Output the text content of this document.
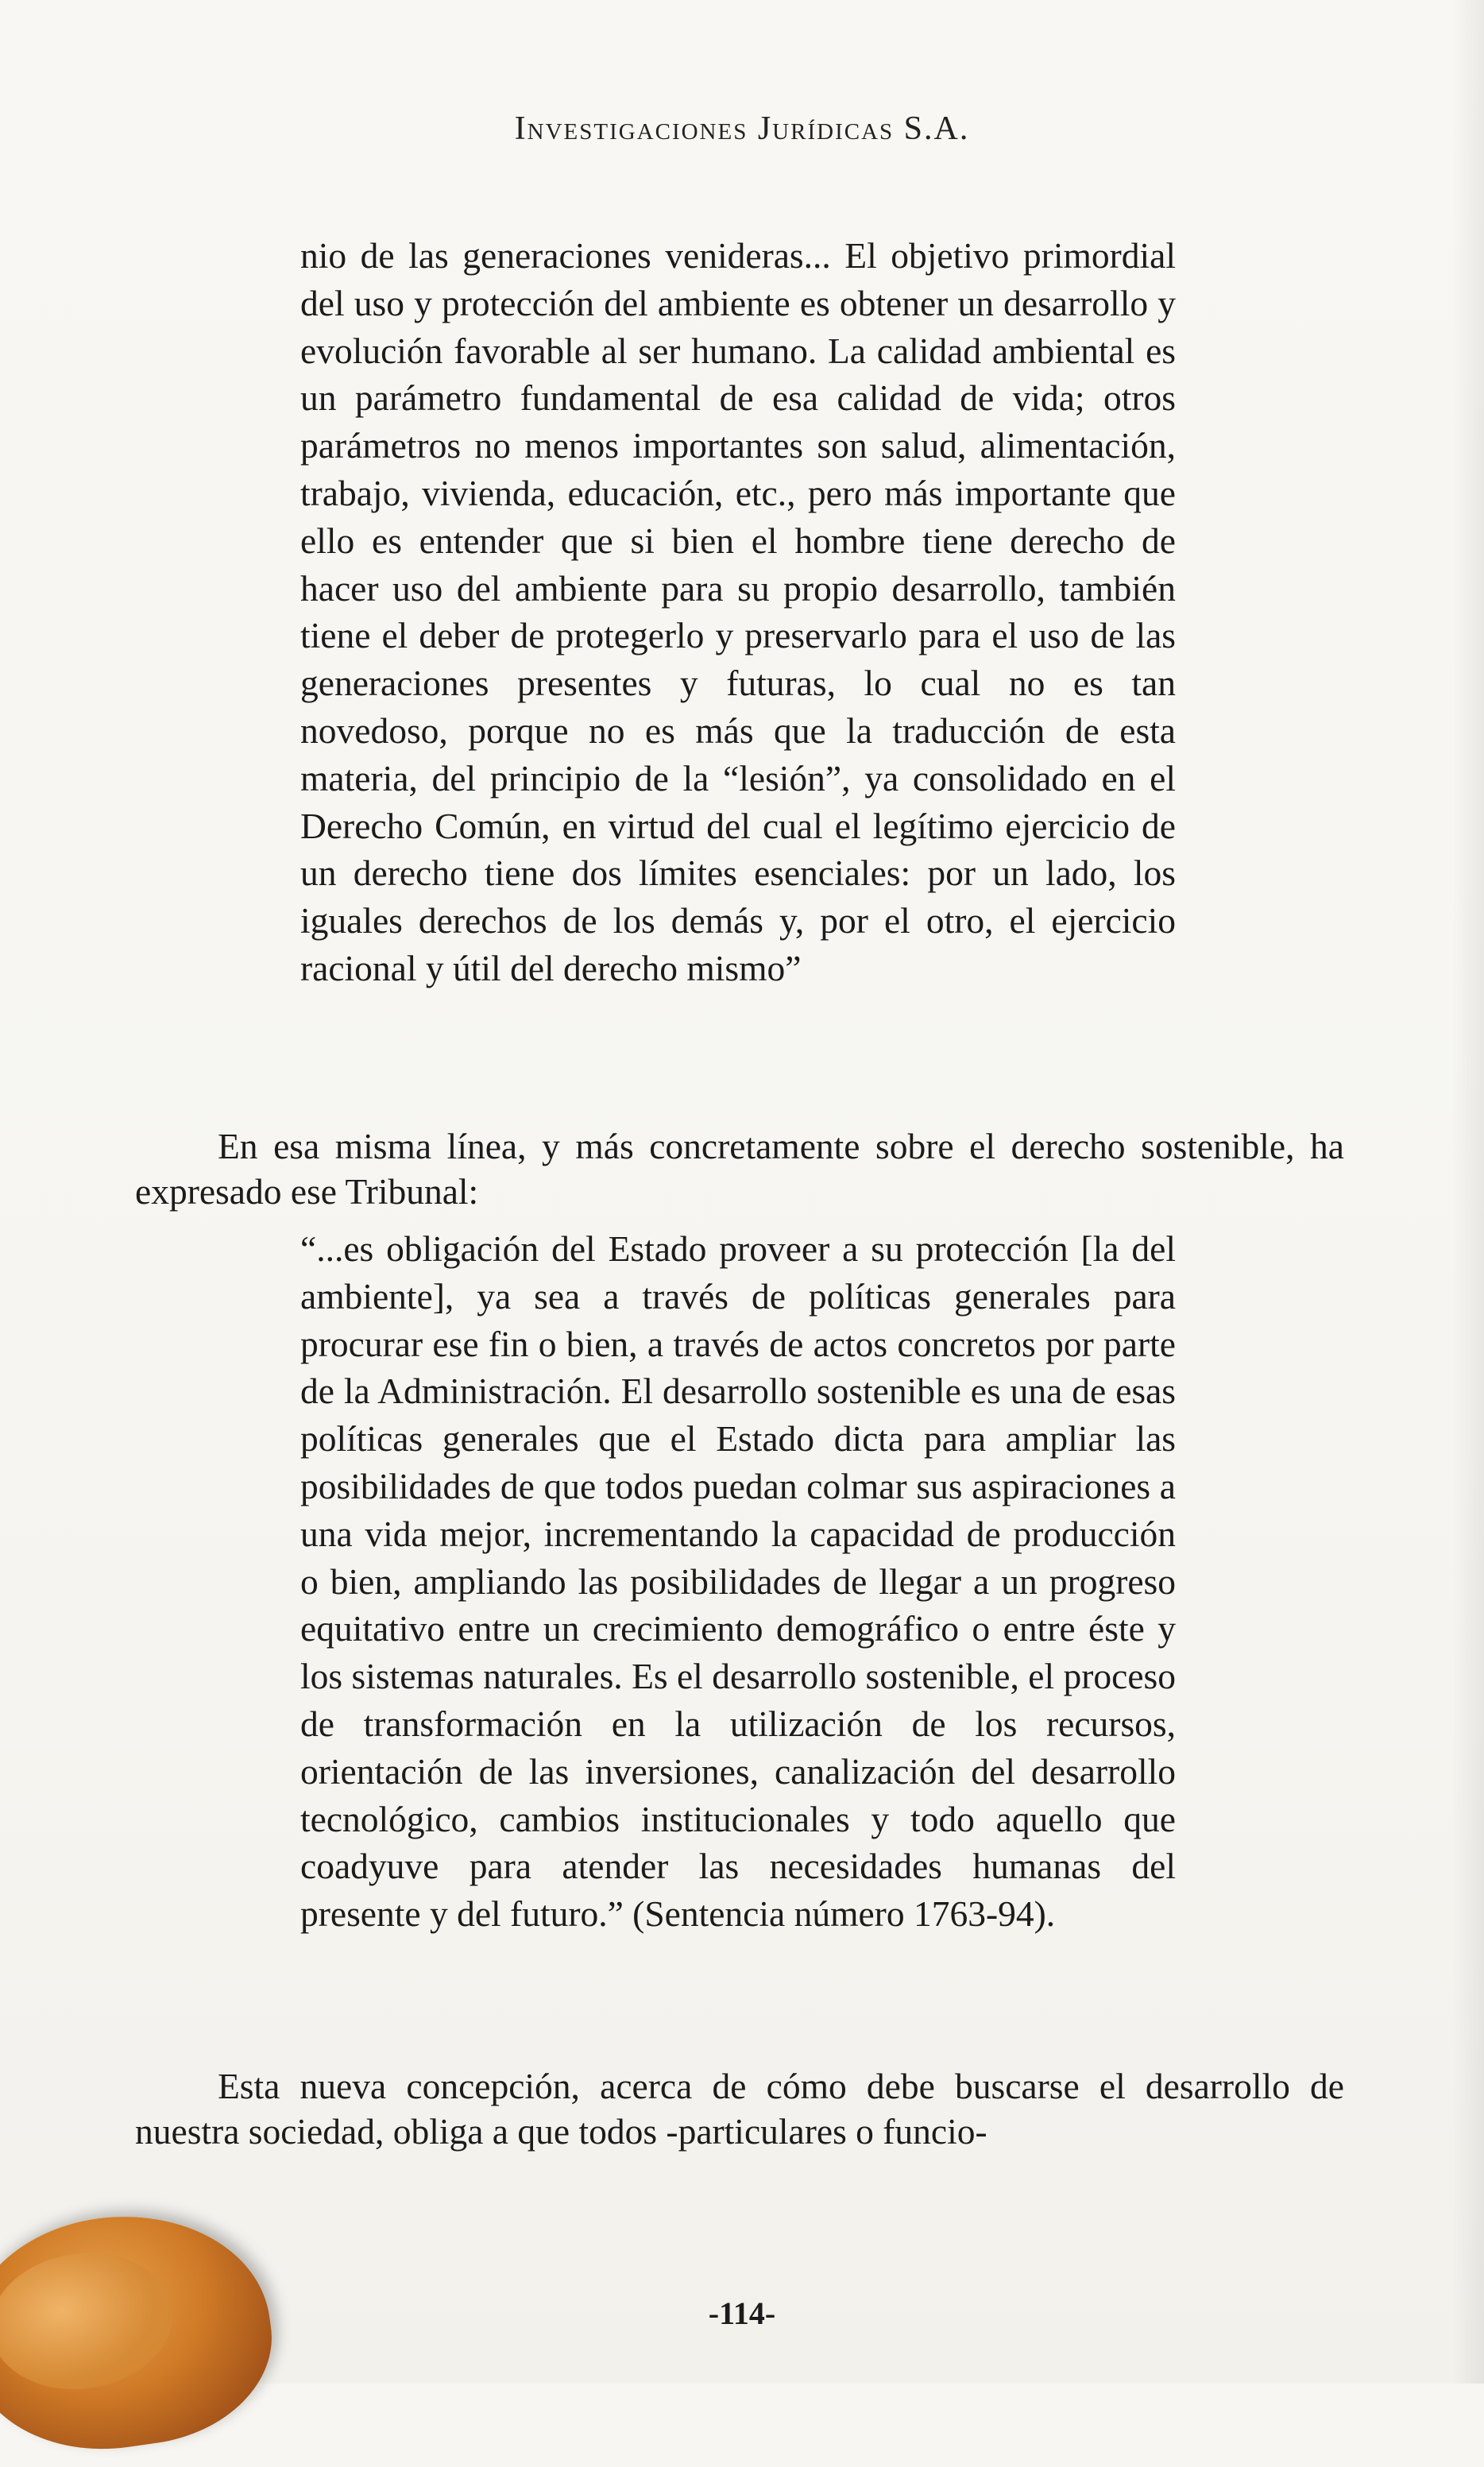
Investigaciones Jurídicas S.A.
nio de las generaciones venideras... El objetivo primordial del uso y protección del ambiente es obtener un desarrollo y evolución favorable al ser humano. La calidad ambiental es un parámetro fundamental de esa calidad de vida; otros parámetros no menos importantes son salud, alimentación, trabajo, vivienda, educación, etc., pero más importante que ello es entender que si bien el hombre tiene derecho de hacer uso del ambiente para su propio desarrollo, también tiene el deber de protegerlo y preservarlo para el uso de las generaciones presentes y futuras, lo cual no es tan novedoso, porque no es más que la traducción de esta materia, del principio de la “lesión”, ya consolidado en el Derecho Común, en virtud del cual el legítimo ejercicio de un derecho tiene dos límites esenciales: por un lado, los iguales derechos de los demás y, por el otro, el ejercicio racional y útil del derecho mismo”
En esa misma línea, y más concretamente sobre el derecho sostenible, ha expresado ese Tribunal:
“...es obligación del Estado proveer a su protección [la del ambiente], ya sea a través de políticas generales para procurar ese fin o bien, a través de actos concretos por parte de la Administración. El desarrollo sostenible es una de esas políticas generales que el Estado dicta para ampliar las posibilidades de que todos puedan colmar sus aspiraciones a una vida mejor, incrementando la capacidad de producción o bien, ampliando las posibilidades de llegar a un progreso equitativo entre un crecimiento demográfico o entre éste y los sistemas naturales. Es el desarrollo sostenible, el proceso de transformación en la utilización de los recursos, orientación de las inversiones, canalización del desarrollo tecnológico, cambios institucionales y todo aquello que coadyuve para atender las necesidades humanas del presente y del futuro.” (Sentencia número 1763-94).
Esta nueva concepción, acerca de cómo debe buscarse el desarrollo de nuestra sociedad, obliga a que todos -particulares o funcio-
-114-
